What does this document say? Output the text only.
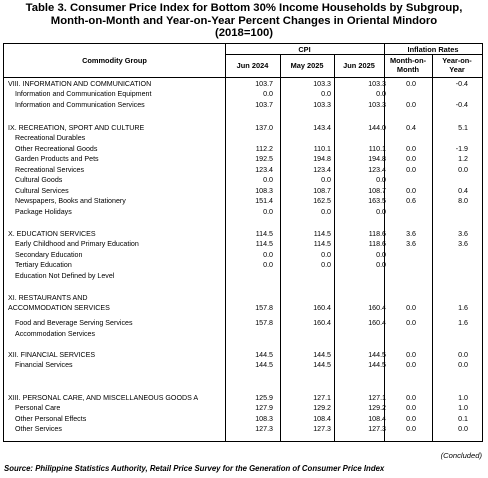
Table 3. Consumer Price Index for Bottom 30% Income Households by Subgroup,
Month-on-Month and Year-on-Year Percent Changes in Oriental Mindoro
(2018=100)
Commodity Group
CPI	Inflation Rates
Jun 2024	May 2025	Jun 2025
Month-on-
Month
Year-on-
Year
VIII. INFORMATION AND COMMUNICATION	103.7	103.3	103.3	0.0	-0.4
Information and Communication Equipment	0.0	0.0	0.0
Information and Communication Services	103.7	103.3	103.3	0.0	-0.4
IX. RECREATION, SPORT AND CULTURE	137.0	143.4	144.0	0.4	5.1
Recreational Durables
Other Recreational Goods	112.2	110.1	110.1	0.0	-1.9
Garden Products and Pets	192.5	194.8	194.8	0.0	1.2
Recreational Services	123.4	123.4	123.4	0.0	0.0
Cultural Goods	0.0	0.0	0.0
Cultural Services	108.3	108.7	108.7	0.0	0.4
Newspapers, Books and Stationery	151.4	162.5	163.5	0.6	8.0
Package Holidays	0.0	0.0	0.0
X. EDUCATION SERVICES	114.5	114.5	118.6	3.6	3.6
Early Childhood and Primary Education	114.5	114.5	118.6	3.6	3.6
Secondary Education	0.0	0.0	0.0
Tertiary Education	0.0	0.0	0.0
Education Not Defined by Level
XI. RESTAURANTS AND
ACCOMMODATION SERVICES	157.8	160.4	160.4	0.0	1.6
Food and Beverage Serving Services	157.8	160.4	160.4	0.0	1.6
Accommodation Services
XII. FINANCIAL SERVICES	144.5	144.5	144.5	0.0	0.0
Financial Services	144.5	144.5	144.5	0.0	0.0
XIII. PERSONAL CARE, AND MISCELLANEOUS GOODS A	125.9	127.1	127.1	0.0	1.0
Personal Care	127.9	129.2	129.2	0.0	1.0
Other Personal Effects	108.3	108.4	108.4	0.0	0.1
Other Services	127.3	127.3	127.3	0.0	0.0
(Concluded)
Source: Philippine Statistics Authority, Retail Price Survey for the Generation of Consumer Price Index
